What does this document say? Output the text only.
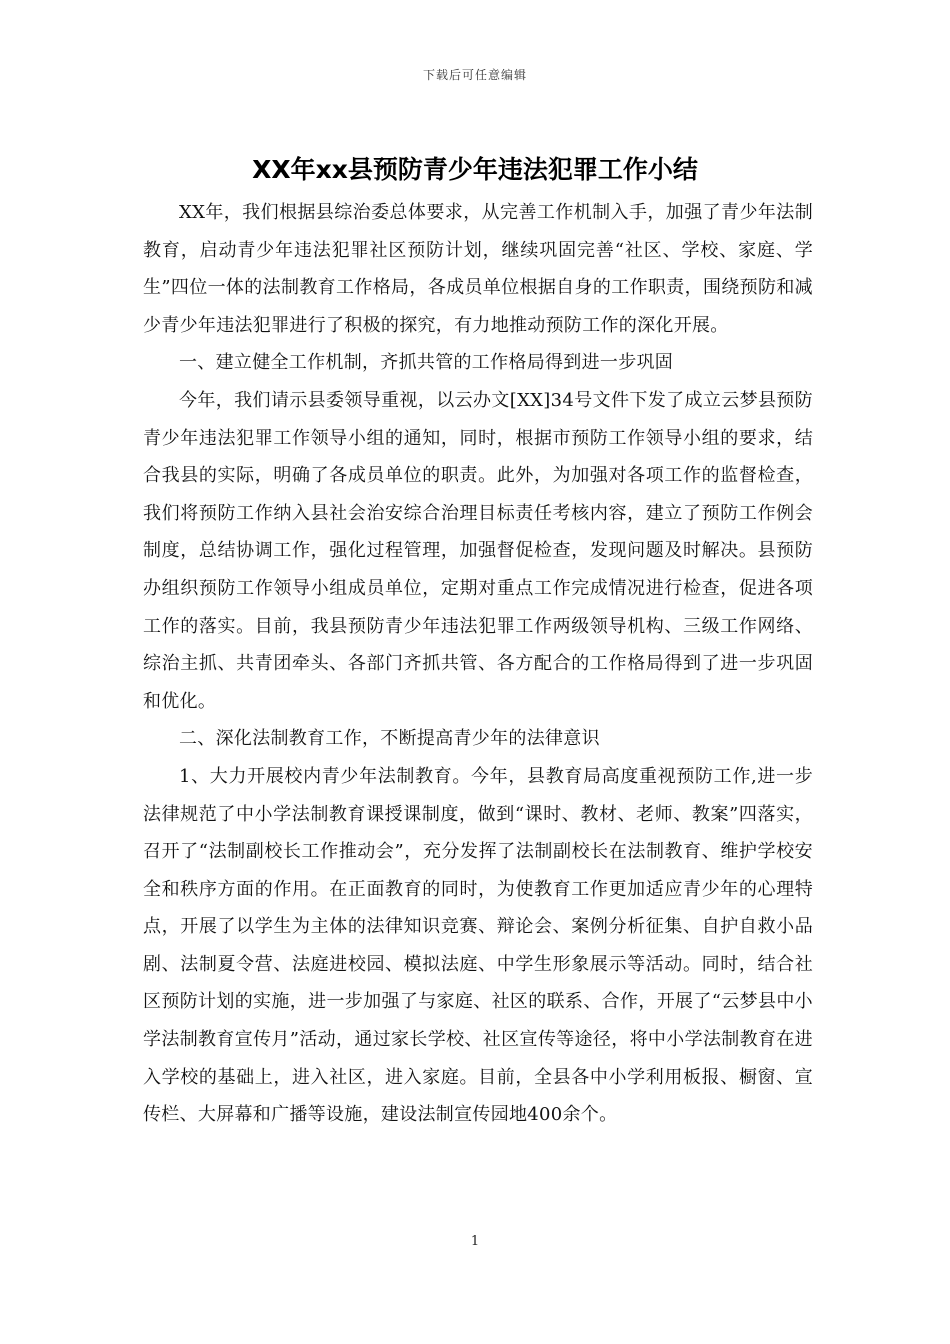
下载后可任意编辑
XX年xx县预防青少年违法犯罪工作小结

XX年，我们根据县综治委总体要求，从完善工作机制入手，加强了青少年法制教育，启动青少年违法犯罪社区预防计划，继续巩固完善“社区、学校、家庭、学生”四位一体的法制教育工作格局，各成员单位根据自身的工作职责，围绕预防和减少青少年违法犯罪进行了积极的探究，有力地推动预防工作的深化开展。

一、建立健全工作机制，齐抓共管的工作格局得到进一步巩固

今年，我们请示县委领导重视，以云办文[XX]34号文件下发了成立云梦县预防青少年违法犯罪工作领导小组的通知，同时，根据市预防工作领导小组的要求，结合我县的实际，明确了各成员单位的职责。此外，为加强对各项工作的监督检查，我们将预防工作纳入县社会治安综合治理目标责任考核内容，建立了预防工作例会制度，总结协调工作，强化过程管理，加强督促检查，发现问题及时解决。县预防办组织预防工作领导小组成员单位，定期对重点工作完成情况进行检查，促进各项工作的落实。目前，我县预防青少年违法犯罪工作两级领导机构、三级工作网络、综治主抓、共青团牵头、各部门齐抓共管、各方配合的工作格局得到了进一步巩固和优化。

二、深化法制教育工作，不断提高青少年的法律意识

1、大力开展校内青少年法制教育。今年，县教育局高度重视预防工作,进一步法律规范了中小学法制教育课授课制度，做到“课时、教材、老师、教案”四落实，召开了“法制副校长工作推动会”，充分发挥了法制副校长在法制教育、维护学校安全和秩序方面的作用。在正面教育的同时，为使教育工作更加适应青少年的心理特点，开展了以学生为主体的法律知识竞赛、辩论会、案例分析征集、自护自救小品剧、法制夏令营、法庭进校园、模拟法庭、中学生形象展示等活动。同时，结合社区预防计划的实施，进一步加强了与家庭、社区的联系、合作，开展了“云梦县中小学法制教育宣传月”活动，通过家长学校、社区宣传等途径，将中小学法制教育在进入学校的基础上，进入社区，进入家庭。目前，全县各中小学利用板报、橱窗、宣传栏、大屏幕和广播等设施，建设法制宣传园地400余个。

1
